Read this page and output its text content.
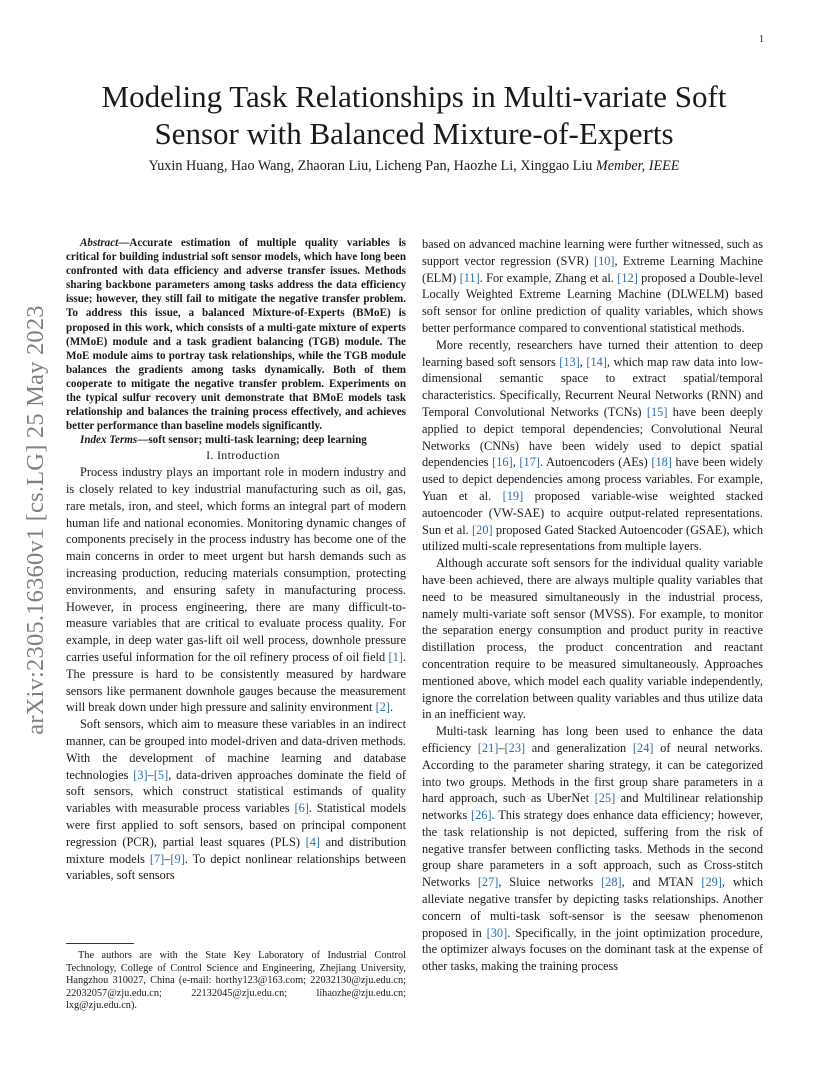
1
arXiv:2305.16360v1 [cs.LG] 25 May 2023
Modeling Task Relationships in Multi-variate Soft
Sensor with Balanced Mixture-of-Experts
Yuxin Huang, Hao Wang, Zhaoran Liu, Licheng Pan, Haozhe Li, Xinggao Liu Member, IEEE

Abstract—Accurate estimation of multiple quality variables is critical for building industrial soft sensor models, which have long been confronted with data efficiency and adverse transfer issues. Methods sharing backbone parameters among tasks address the data efficiency issue; however, they still fail to mitigate the negative transfer problem. To address this issue, a balanced Mixture-of-Experts (BMoE) is proposed in this work, which consists of a multi-gate mixture of experts (MMoE) module and a task gradient balancing (TGB) module. The MoE module aims to portray task relationships, while the TGB module balances the gradients among tasks dynamically. Both of them cooperate to mitigate the negative transfer problem. Experiments on the typical sulfur recovery unit demonstrate that BMoE models task relationship and balances the training process effectively, and achieves better performance than baseline models significantly.

Index Terms—soft sensor; multi-task learning; deep learning

I. Introduction

Process industry plays an important role in modern industry and is closely related to key industrial manufacturing such as oil, gas, rare metals, iron, and steel, which forms an integral part of modern human life and national economies. Monitoring dynamic changes of components precisely in the process industry has become one of the main concerns in order to meet urgent but harsh demands such as increasing production, reducing materials consumption, protecting environments, and ensuring safety in manufacturing process. However, in process engineering, there are many difficult-to-measure variables that are critical to evaluate process quality. For example, in deep water gas-lift oil well process, downhole pressure carries useful information for the oil refinery process of oil field [1]. The pressure is hard to be consistently measured by hardware sensors like permanent downhole gauges because the measurement will break down under high pressure and salinity environment [2].

Soft sensors, which aim to measure these variables in an indirect manner, can be grouped into model-driven and data-driven methods. With the development of machine learning and database technologies [3]–[5], data-driven approaches dominate the field of soft sensors, which construct statistical estimands of quality variables with measurable process variables [6]. Statistical models were first applied to soft sensors, based on principal component regression (PCR), partial least squares (PLS) [4] and distribution mixture models [7]–[9]. To depict nonlinear relationships between variables, soft sensors

The authors are with the State Key Laboratory of Industrial Control Technology, College of Control Science and Engineering, Zhejiang University, Hangzhou 310027, China (e-mail: horthy123@163.com; 22032130@zju.edu.cn; 22032057@zju.edu.cn; 22132045@zju.edu.cn; lihaozhe@zju.edu.cn; lxg@zju.edu.cn).

based on advanced machine learning were further witnessed, such as support vector regression (SVR) [10], Extreme Learning Machine (ELM) [11]. For example, Zhang et al. [12] proposed a Double-level Locally Weighted Extreme Learning Machine (DLWELM) based soft sensor for online prediction of quality variables, which shows better performance compared to conventional statistical methods.

More recently, researchers have turned their attention to deep learning based soft sensors [13], [14], which map raw data into low-dimensional semantic space to extract spatial/temporal characteristics. Specifically, Recurrent Neural Networks (RNN) and Temporal Convolutional Networks (TCNs) [15] have been deeply applied to depict temporal dependencies; Convolutional Neural Networks (CNNs) have been widely used to depict spatial dependencies [16], [17]. Autoencoders (AEs) [18] have been widely used to depict dependencies among process variables. For example, Yuan et al. [19] proposed variable-wise weighted stacked autoencoder (VW-SAE) to acquire output-related representations. Sun et al. [20] proposed Gated Stacked Autoencoder (GSAE), which utilized multi-scale representations from multiple layers.

Although accurate soft sensors for the individual quality variable have been achieved, there are always multiple quality variables that need to be measured simultaneously in the industrial process, namely multi-variate soft sensor (MVSS). For example, to monitor the separation energy consumption and product purity in reactive distillation process, the product concentration and reactant concentration require to be measured simultaneously. Approaches mentioned above, which model each quality variable independently, ignore the correlation between quality variables and thus utilize data in an inefficient way.

Multi-task learning has long been used to enhance the data efficiency [21]–[23] and generalization [24] of neural networks. According to the parameter sharing strategy, it can be categorized into two groups. Methods in the first group share parameters in a hard approach, such as UberNet [25] and Multilinear relationship networks [26]. This strategy does enhance data efficiency; however, the task relationship is not depicted, suffering from the risk of negative transfer between conflicting tasks. Methods in the second group share parameters in a soft approach, such as Cross-stitch Networks [27], Sluice networks [28], and MTAN [29], which alleviate negative transfer by depicting tasks relationships. Another concern of multi-task soft-sensor is the seesaw phenomenon proposed in [30]. Specifically, in the joint optimization procedure, the optimizer always focuses on the dominant task at the expense of other tasks, making the training process
